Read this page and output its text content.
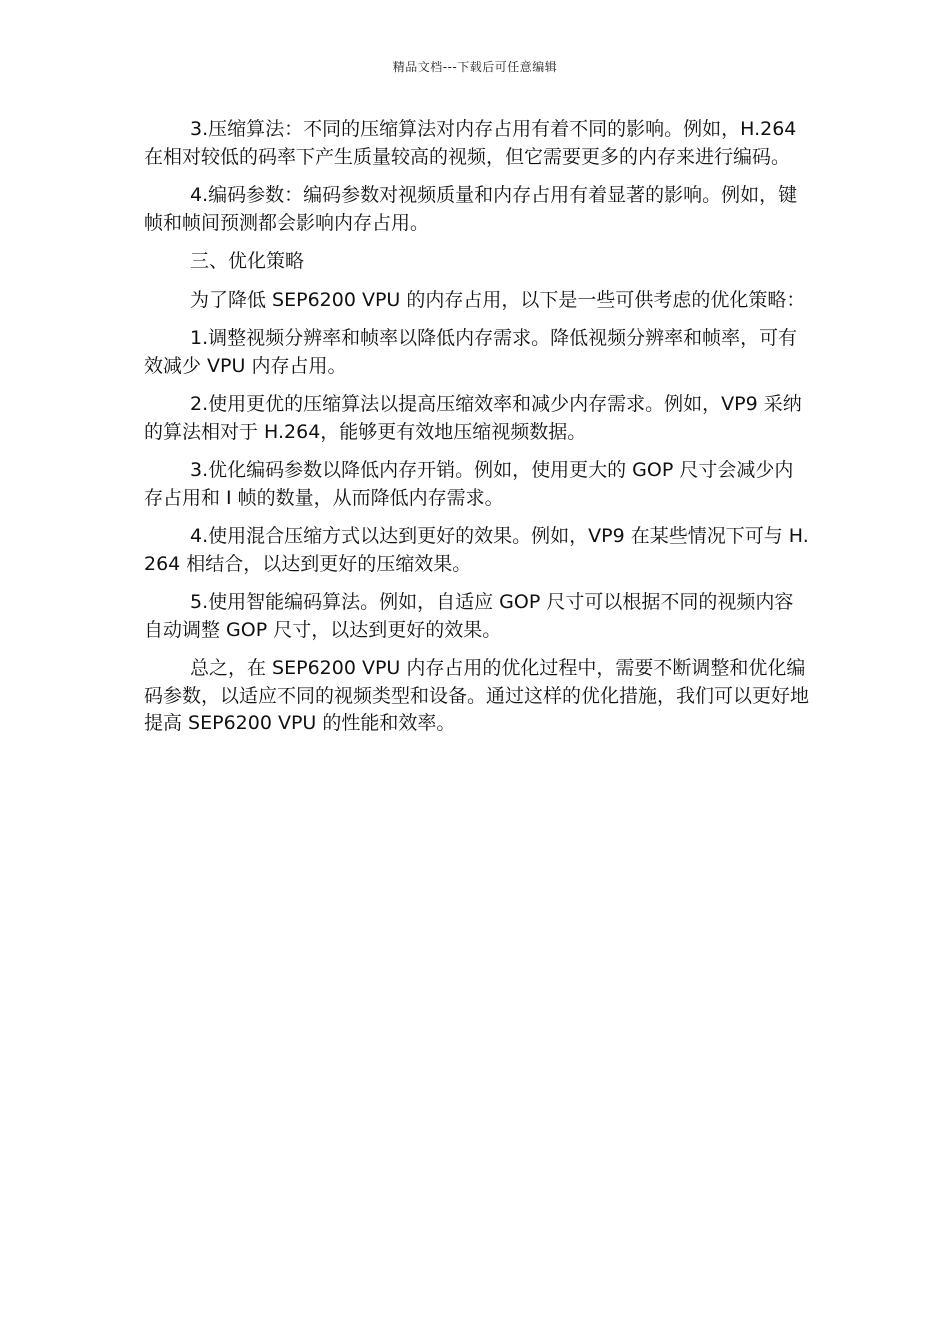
精品文档---下载后可任意编辑

3.压缩算法：不同的压缩算法对内存占用有着不同的影响。例如，H.264 在相对较低的码率下产生质量较高的视频，但它需要更多的内存来进行编码。

4.编码参数：编码参数对视频质量和内存占用有着显著的影响。例如，键帧和帧间预测都会影响内存占用。

三、优化策略

为了降低 SEP6200 VPU 的内存占用，以下是一些可供考虑的优化策略：

1.调整视频分辨率和帧率以降低内存需求。降低视频分辨率和帧率，可有效减少 VPU 内存占用。

2.使用更优的压缩算法以提高压缩效率和减少内存需求。例如，VP9 采纳的算法相对于 H.264，能够更有效地压缩视频数据。

3.优化编码参数以降低内存开销。例如，使用更大的 GOP 尺寸会减少内存占用和 I 帧的数量，从而降低内存需求。

4.使用混合压缩方式以达到更好的效果。例如，VP9 在某些情况下可与 H.264 相结合，以达到更好的压缩效果。

5.使用智能编码算法。例如，自适应 GOP 尺寸可以根据不同的视频内容自动调整 GOP 尺寸，以达到更好的效果。

总之，在 SEP6200 VPU 内存占用的优化过程中，需要不断调整和优化编码参数，以适应不同的视频类型和设备。通过这样的优化措施，我们可以更好地提高 SEP6200 VPU 的性能和效率。
